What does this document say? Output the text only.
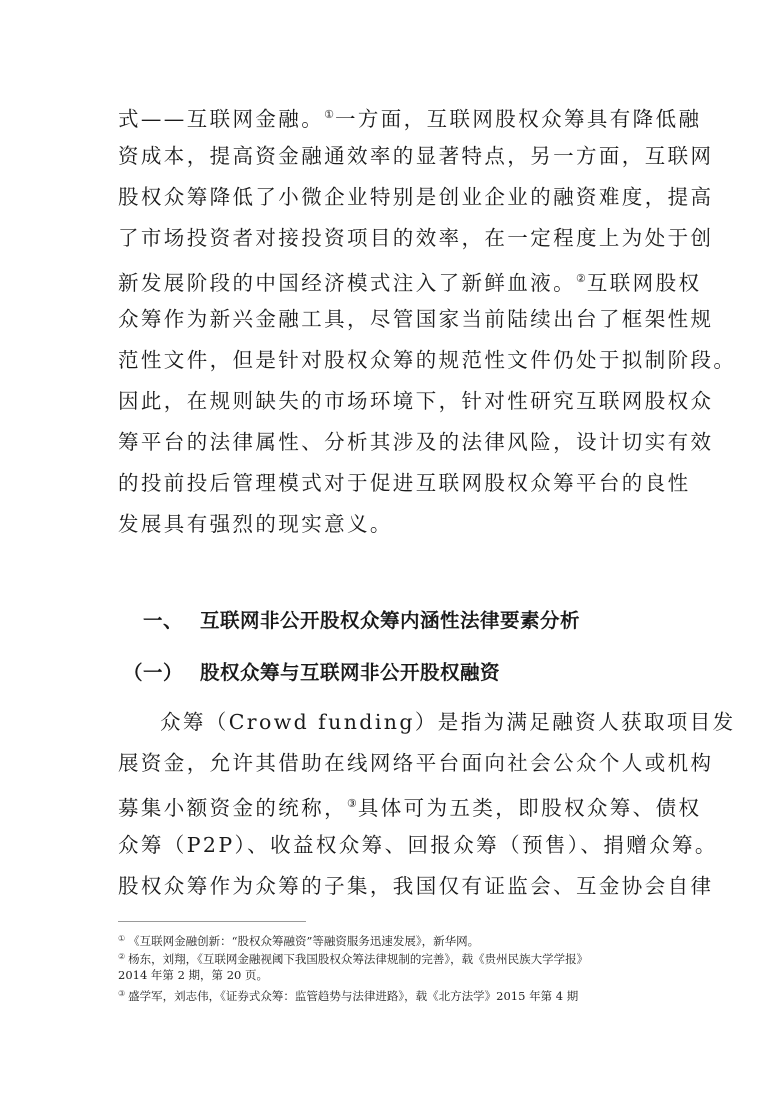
式——互联网金融。①一方面，互联网股权众筹具有降低融
资成本，提高资金融通效率的显著特点，另一方面，互联网
股权众筹降低了小微企业特别是创业企业的融资难度，提高
了市场投资者对接投资项目的效率，在一定程度上为处于创
新发展阶段的中国经济模式注入了新鲜血液。②互联网股权
众筹作为新兴金融工具，尽管国家当前陆续出台了框架性规
范性文件，但是针对股权众筹的规范性文件仍处于拟制阶段。
因此，在规则缺失的市场环境下，针对性研究互联网股权众
筹平台的法律属性、分析其涉及的法律风险，设计切实有效
的投前投后管理模式对于促进互联网股权众筹平台的良性
发展具有强烈的现实意义。
一、 互联网非公开股权众筹内涵性法律要素分析
（一） 股权众筹与互联网非公开股权融资
众筹（Crowd funding）是指为满足融资人获取项目发
展资金，允许其借助在线网络平台面向社会公众个人或机构
募集小额资金的统称，③具体可为五类，即股权众筹、债权
众筹（P2P）、收益权众筹、回报众筹（预售）、捐赠众筹。
股权众筹作为众筹的子集，我国仅有证监会、互金协会自律
① 《互联网金融创新：“股权众筹融资”等融资服务迅速发展》，新华网。
② 杨东，刘翔，《互联网金融视阈下我国股权众筹法律规制的完善》，载《贵州民族大学学报》
2014 年第 2 期，第 20 页。
③ 盛学军，刘志伟，《证券式众筹：监管趋势与法律进路》，载《北方法学》2015 年第 4 期
